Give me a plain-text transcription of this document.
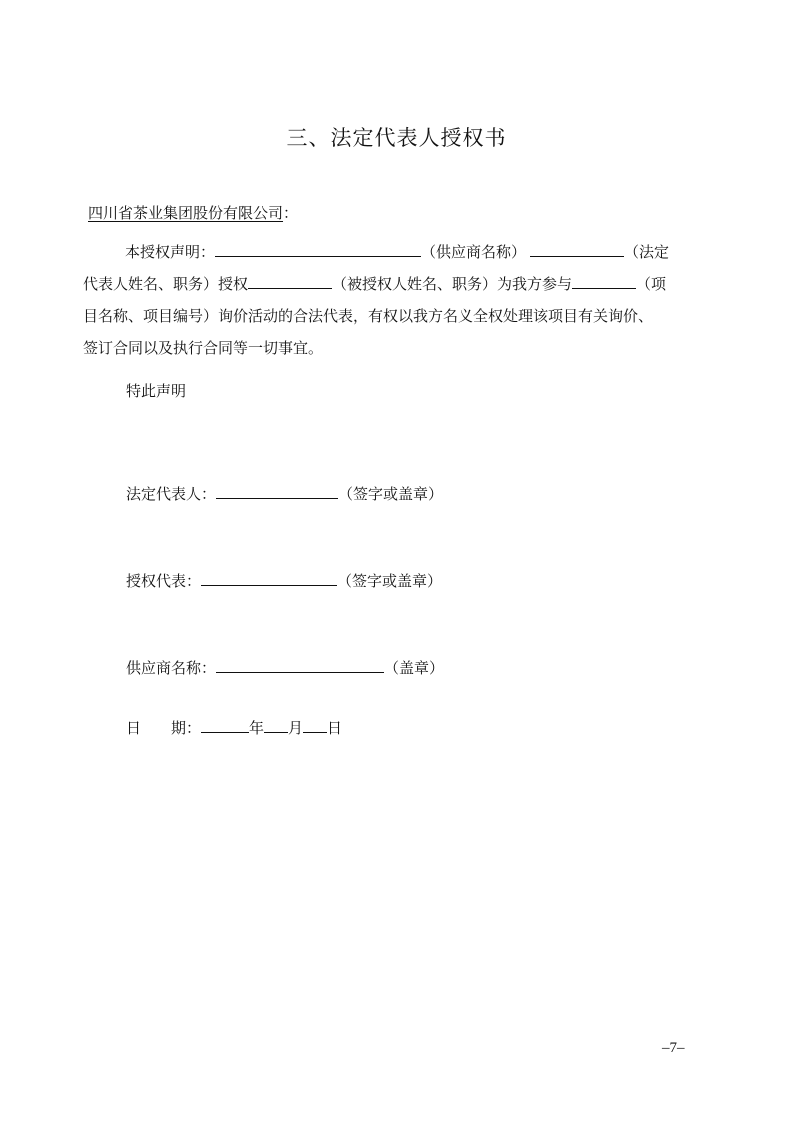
三、法定代表人授权书
四川省茶业集团股份有限公司：
本授权声明：	（供应商名称）	（法定
代表人姓名、职务）授权	（被授权人姓名、职务）为我方参与	（项
目名称、项目编号）询价活动的合法代表，有权以我方名义全权处理该项目有关询价、
签订合同以及执行合同等一切事宜。
特此声明
法定代表人：	（签字或盖章）
授权代表：	（签字或盖章）
供应商名称：	（盖章）
日　　期：	年 月 日
–7–
